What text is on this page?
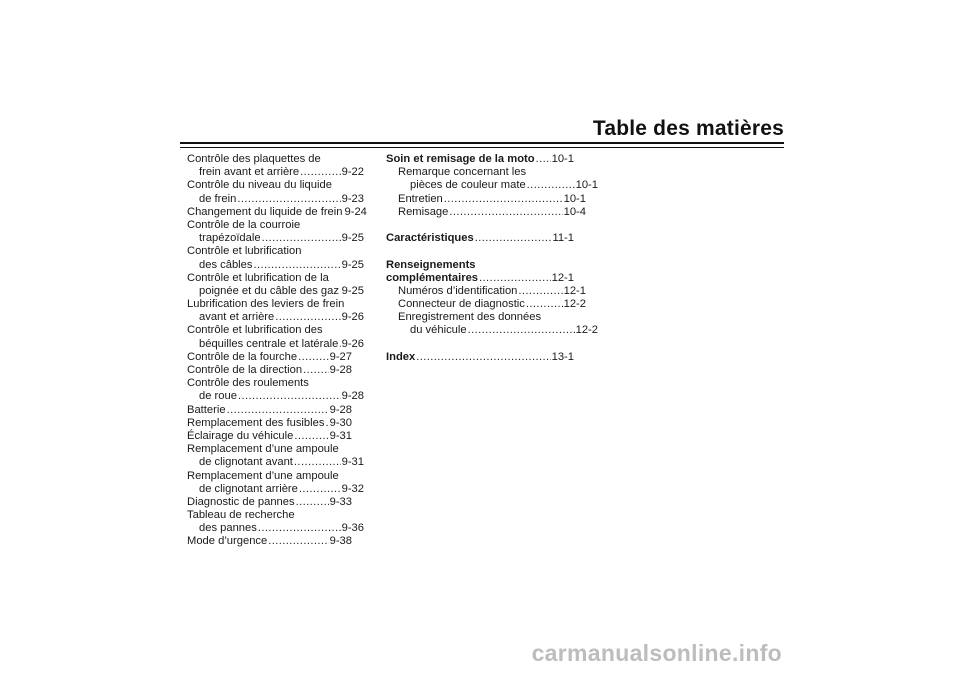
Table des matières
Contrôle des plaquettes de
frein avant et arrière .....	9-22
Contrôle du niveau du liquide
de frein .....	9-23
Changement du liquide de frein 9-24
Contrôle de la courroie
trapézoïdale .....	9-25
Contrôle et lubrification
des câbles .....	9-25
Contrôle et lubrification de la
poignée et du câble des gaz ..... 9-25
Lubrification des leviers de frein
avant et arrière .....	9-26
Contrôle et lubrification des
béquilles centrale et latérale ..... 9-26
Contrôle de la fourche .....	9-27
Contrôle de la direction ..... 9-28
Contrôle des roulements
de roue .....	9-28
Batterie .....	9-28
Remplacement des fusibles ..... 9-30
Éclairage du véhicule .....	9-31
Remplacement d’une ampoule
de clignotant avant .....	9-31
Remplacement d’une ampoule
de clignotant arrière .....	9-32
Diagnostic de pannes .....	9-33
Tableau de recherche
des pannes .....	9-36
Mode d’urgence .....	9-38
Soin et remisage de la moto ..... 10-1
Remarque concernant les
pièces de couleur mate .....	10-1
Entretien .....	10-1
Remisage .....	10-4
Caractéristiques .....	11-1
Renseignements
complémentaires .....	12-1
Numéros d’identification .....	12-1
Connecteur de diagnostic .....	12-2
Enregistrement des données
du véhicule .....	12-2
Index .....	13-1
carmanualsonline.info
